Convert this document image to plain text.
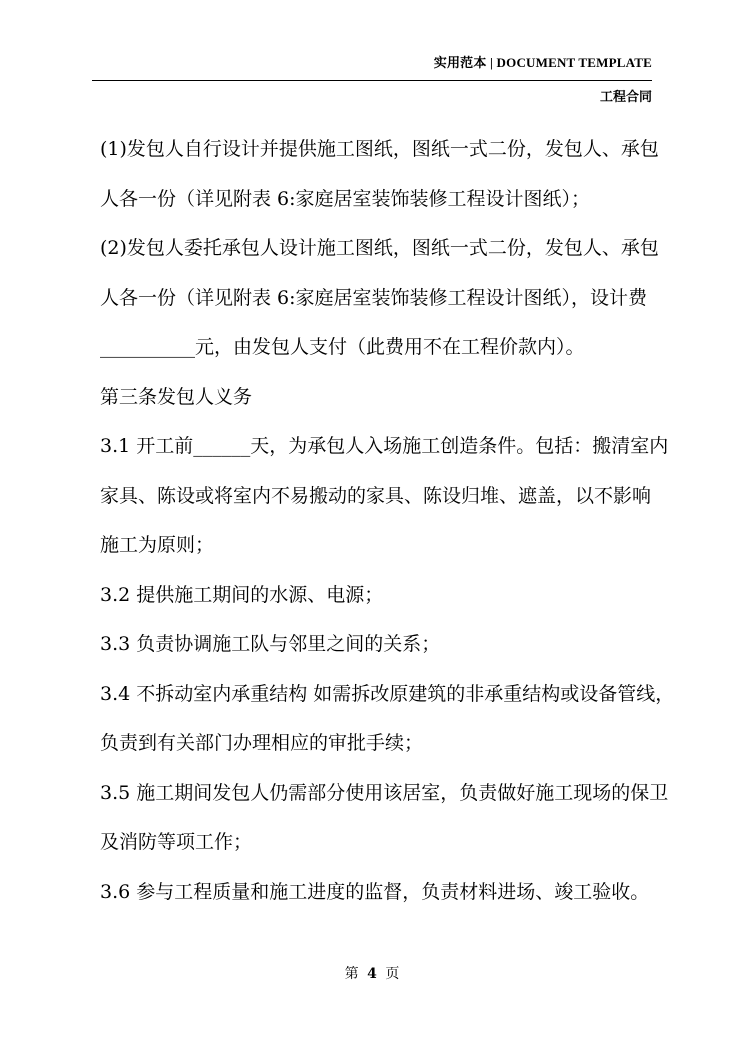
实用范本 | DOCUMENT TEMPLATE
工程合同

(1)发包人自行设计并提供施工图纸，图纸一式二份，发包人、承包

人各一份（详见附表 6:家庭居室装饰装修工程设计图纸）；

(2)发包人委托承包人设计施工图纸，图纸一式二份，发包人、承包

人各一份（详见附表 6:家庭居室装饰装修工程设计图纸），设计费

__________元，由发包人支付（此费用不在工程价款内）。

第三条发包人义务

3.1 开工前______天，为承包人入场施工创造条件。包括：搬清室内

家具、陈设或将室内不易搬动的家具、陈设归堆、遮盖，以不影响

施工为原则；

3.2 提供施工期间的水源、电源；

3.3 负责协调施工队与邻里之间的关系；

3.4 不拆动室内承重结构 如需拆改原建筑的非承重结构或设备管线，

负责到有关部门办理相应的审批手续；

3.5 施工期间发包人仍需部分使用该居室，负责做好施工现场的保卫

及消防等项工作；

3.6 参与工程质量和施工进度的监督，负责材料进场、竣工验收。

第 4 页
